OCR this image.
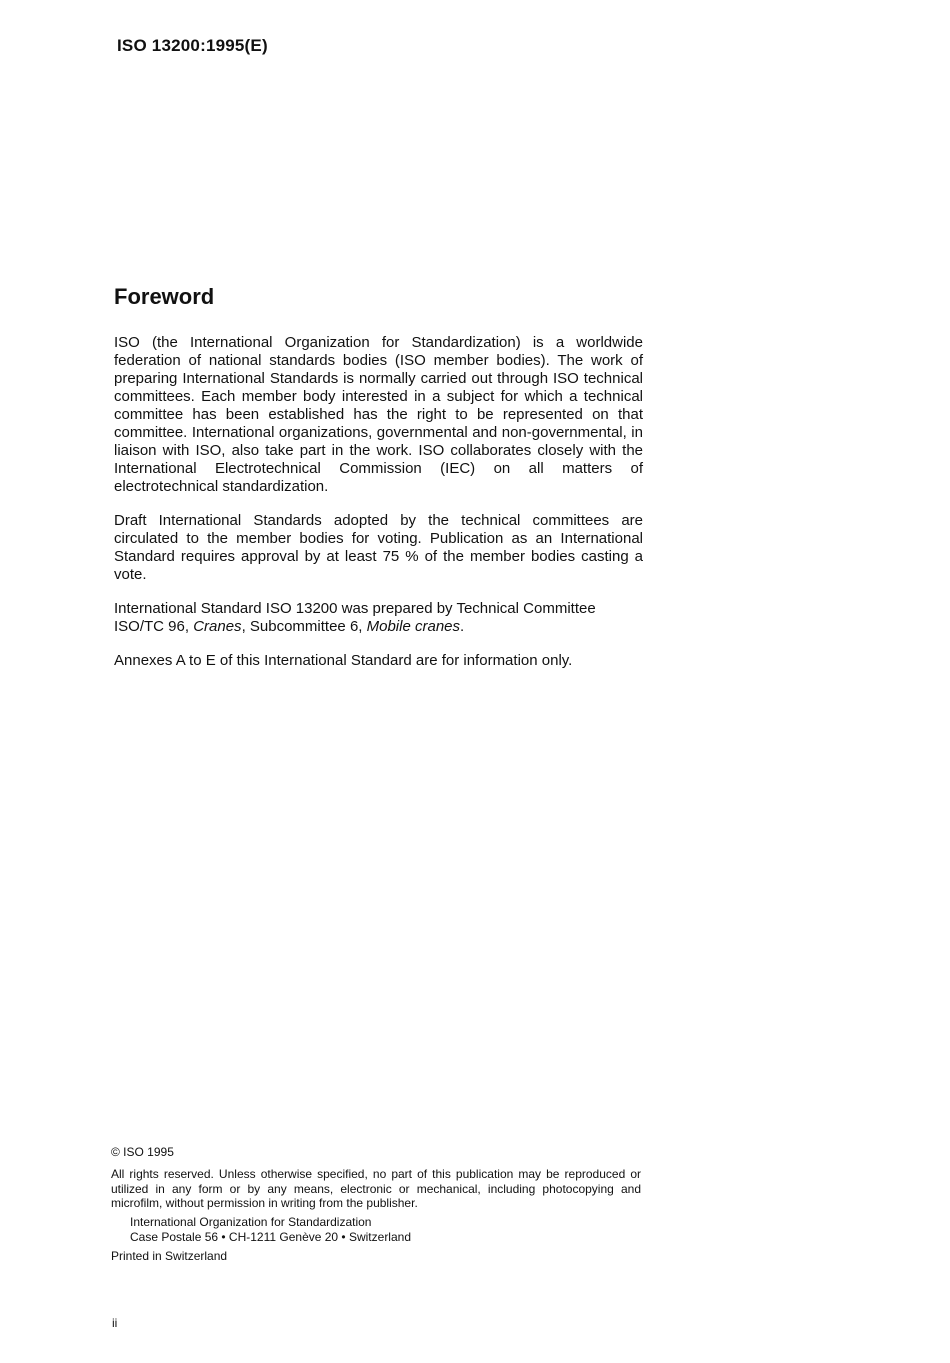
ISO 13200:1995(E)
Foreword

ISO (the International Organization for Standardization) is a worldwide federation of national standards bodies (ISO member bodies). The work of preparing International Standards is normally carried out through ISO technical committees. Each member body interested in a subject for which a technical committee has been established has the right to be represented on that committee. International organizations, governmental and non-governmental, in liaison with ISO, also take part in the work. ISO collaborates closely with the International Electrotechnical Commission (IEC) on all matters of electrotechnical standardization.

Draft International Standards adopted by the technical committees are circulated to the member bodies for voting. Publication as an International Standard requires approval by at least 75 % of the member bodies casting a vote.

International Standard ISO 13200 was prepared by Technical Committee
ISO/TC 96, Cranes, Subcommittee 6, Mobile cranes.

Annexes A to E of this International Standard are for information only.

© ISO 1995

All rights reserved. Unless otherwise specified, no part of this publication may be reproduced or utilized in any form or by any means, electronic or mechanical, including photocopying and microfilm, without permission in writing from the publisher.

International Organization for Standardization
Case Postale 56 • CH-1211 Genève 20 • Switzerland
Printed in Switzerland
ii
